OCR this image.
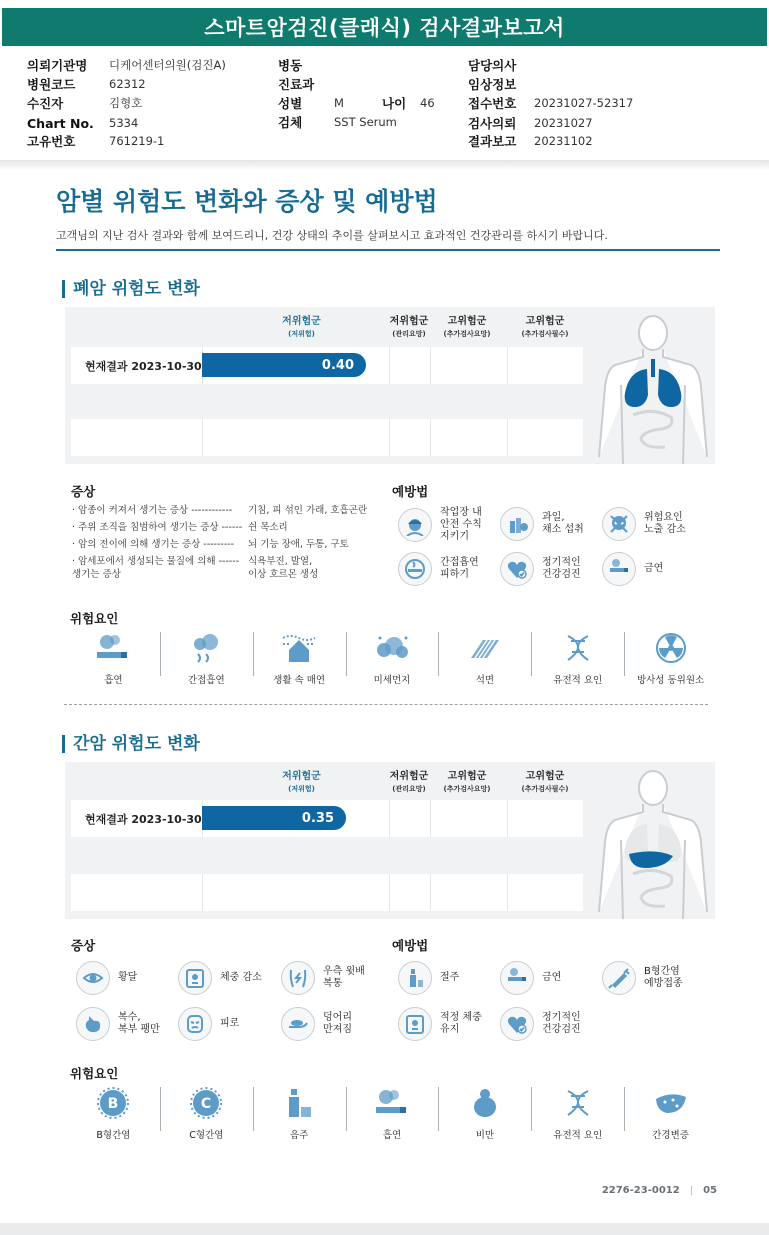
스마트암검진(클래식) 검사결과보고서
의뢰기관명	디케어센터의원(검진A)
병원코드	62312
수진자	김형호
Chart No.	5334
고유번호	761219-1
병동
진료과
성별	M	나이	46
검체	SST Serum
담당의사
임상정보
접수번호	20231027-52317
검사의뢰	20231027
결과보고	20231102
암별 위험도 변화와 증상 및 예방법
고객님의 지난 검사 결과와 함께 보여드리니, 건강 상태의 추이를 살펴보시고 효과적인 건강관리를 하시기 바랍니다.
폐암 위험도 변화
저위험군
(저위험)
저위험군
(관리요망)
고위험군
(추가검사요망)
고위험군
(추가검사필수)
현재결과 2023-10-30	0.40
증상
· 암종이 커져서 생기는 증상 ------------	기침, 피 섞인 가래, 호흡곤란
· 주위 조직을 침범하여 생기는 증상 ------ 쉰 목소리
· 암의 전이에 의해 생기는 증상 ---------	뇌 기능 장애, 두통, 구토
· 암세포에서 생성되는 물질에 의해 ------
생기는 증상
식욕부진, 발열,
이상 호르몬 생성
예방법
작업장 내
안전 수칙
지키기
과일,
채소 섭취
위험요인
노출 감소
간접흡연
피하기
정기적인
건강검진
금연
위험요인
흡연	간접흡연	생활 속 매연	미세먼지	석면	유전적 요인	방사성 동위원소
간암 위험도 변화
저위험군
(저위험)
저위험군
(관리요망)
고위험군
(추가검사요망)
고위험군
(추가검사필수)
현재결과 2023-10-30	0.35
증상
황달	체중 감소
우측 윗배
복통
복수,
복부 팽만
피로
덩어리
만져짐
예방법
절주	금연
B형간염
예방접종
적정 체중
유지
정기적인
건강검진
위험요인
B
B형간염
C
C형간염	음주	흡연	비만	유전적 요인	간경변증
2276-23-0012 | 05
